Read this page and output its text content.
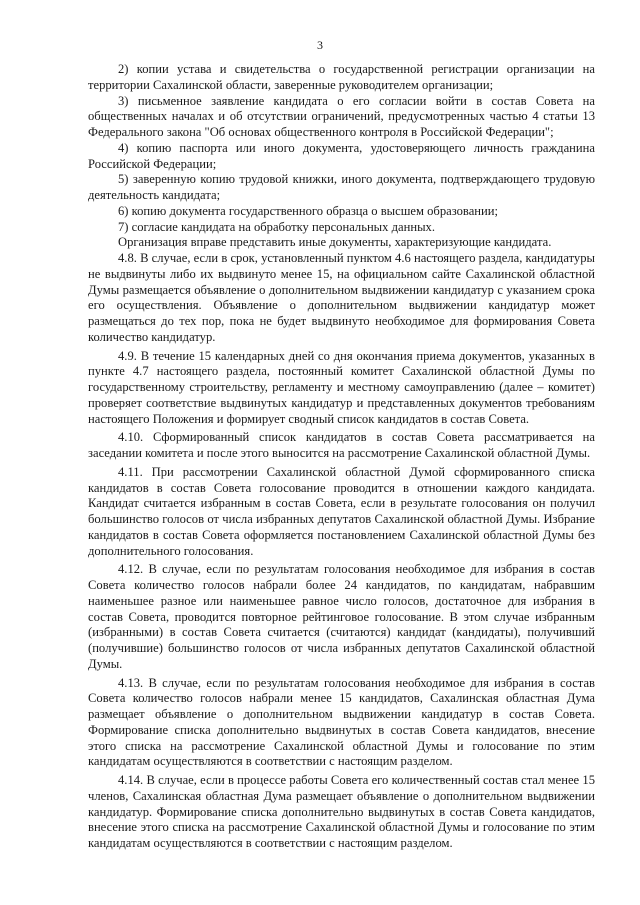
3

2) копии устава и свидетельства о государственной регистрации организации на территории Сахалинской области, заверенные руководителем организации;

3) письменное заявление кандидата о его согласии войти в состав Совета на общественных началах и об отсутствии ограничений, предусмотренных частью 4 статьи 13 Федерального закона "Об основах общественного контроля в Российской Федерации";

4) копию паспорта или иного документа, удостоверяющего личность гражданина Российской Федерации;

5) заверенную копию трудовой книжки, иного документа, подтверждающего трудовую деятельность кандидата;

6) копию документа государственного образца о высшем образовании;

7) согласие кандидата на обработку персональных данных.

Организация вправе представить иные документы, характеризующие кандидата.

4.8. В случае, если в срок, установленный пунктом 4.6 настоящего раздела, кандидатуры не выдвинуты либо их выдвинуто менее 15, на официальном сайте Сахалинской областной Думы размещается объявление о дополнительном выдвижении кандидатур с указанием срока его осуществления. Объявление о дополнительном выдвижении кандидатур может размещаться до тех пор, пока не будет выдвинуто необходимое для формирования Совета количество кандидатур.

4.9. В течение 15 календарных дней со дня окончания приема документов, указанных в пункте 4.7 настоящего раздела, постоянный комитет Сахалинской областной Думы по государственному строительству, регламенту и местному самоуправлению (далее – комитет) проверяет соответствие выдвинутых кандидатур и представленных документов требованиям настоящего Положения и формирует сводный список кандидатов в состав Совета.

4.10. Сформированный список кандидатов в состав Совета рассматривается на заседании комитета и после этого выносится на рассмотрение Сахалинской областной Думы.

4.11. При рассмотрении Сахалинской областной Думой сформированного списка кандидатов в состав Совета голосование проводится в отношении каждого кандидата. Кандидат считается избранным в состав Совета, если в результате голосования он получил большинство голосов от числа избранных депутатов Сахалинской областной Думы. Избрание кандидатов в состав Совета оформляется постановлением Сахалинской областной Думы без дополнительного голосования.

4.12. В случае, если по результатам голосования необходимое для избрания в состав Совета количество голосов набрали более 24 кандидатов, по кандидатам, набравшим наименьшее разное или наименьшее равное число голосов, достаточное для избрания в состав Совета, проводится повторное рейтинговое голосование. В этом случае избранным (избранными) в состав Совета считается (считаются) кандидат (кандидаты), получивший (получившие) большинство голосов от числа избранных депутатов Сахалинской областной Думы.

4.13. В случае, если по результатам голосования необходимое для избрания в состав Совета количество голосов набрали менее 15 кандидатов, Сахалинская областная Дума размещает объявление о дополнительном выдвижении кандидатур в состав Совета. Формирование списка дополнительно выдвинутых в состав Совета кандидатов, внесение этого списка на рассмотрение Сахалинской областной Думы и голосование по этим кандидатам осуществляются в соответствии с настоящим разделом.

4.14. В случае, если в процессе работы Совета его количественный состав стал менее 15 членов, Сахалинская областная Дума размещает объявление о дополнительном выдвижении кандидатур. Формирование списка дополнительно выдвинутых в состав Совета кандидатов, внесение этого списка на рассмотрение Сахалинской областной Думы и голосование по этим кандидатам осуществляются в соответствии с настоящим разделом.
